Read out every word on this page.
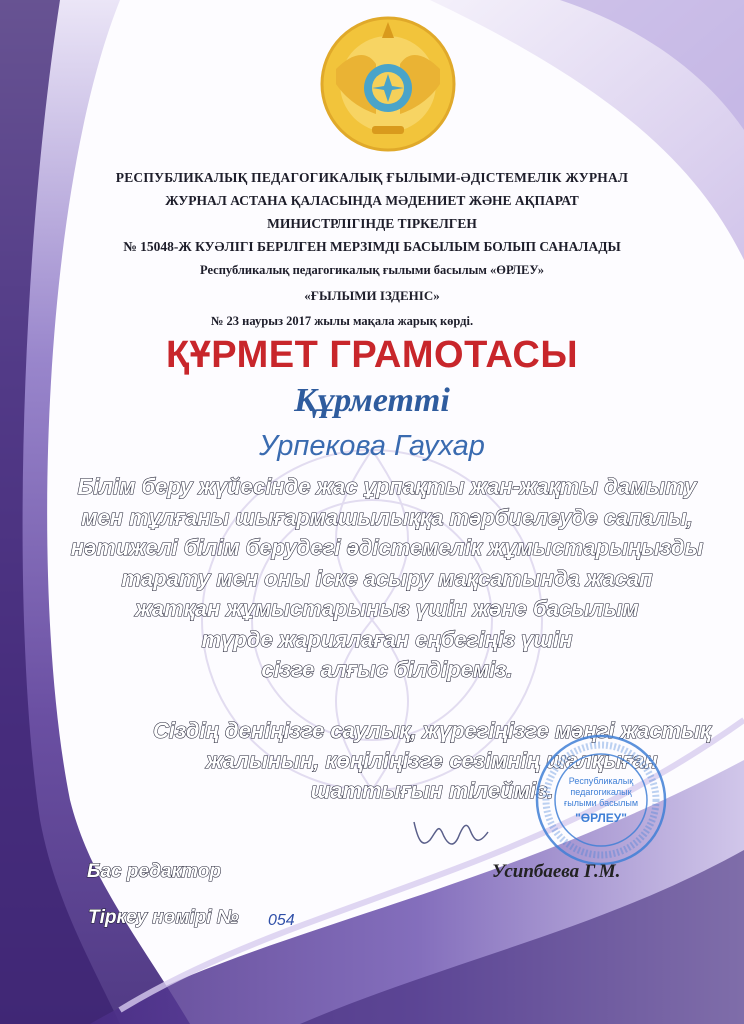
РЕСПУБЛИКАЛЫҚ ПЕДАГОГИКАЛЫҚ ҒЫЛЫМИ-ӘДІСТЕМЕЛІК ЖУРНАЛ
ЖУРНАЛ АСТАНА ҚАЛАСЫНДА МӘДЕНИЕТ ЖӘНЕ АҚПАРАТ
МИНИСТРЛІГІНДЕ ТІРКЕЛГЕН
№ 15048-Ж КУӘЛІГІ БЕРІЛГЕН МЕРЗІМДІ БАСЫЛЫМ БОЛЫП САНАЛАДЫ
Республикалық педагогикалық ғылыми басылым «ӨРЛЕУ»
«ҒЫЛЫМИ ІЗДЕНІС»
№ 23 наурыз 2017 жылы мақала жарық көрді.
ҚҰРМЕТ ГРАМОТАСЫ
Құрметті
Урпекова Гаухар
Білім беру жүйесінде жас ұрпақты жан-жақты дамыту
мен тұлғаны шығармашылыққа тәрбиелеуде сапалы,
нәтижелі білім берудегі әдістемелік жұмыстарыңызды
тарату мен оны іске асыру мақсатында жасап
жатқан жұмыстарыныз үшін және басылым
түрде жариялаған еңбегіңіз үшін
сізге алғыс білдіреміз.
Сіздің деніңізге саулық, жүрегіңізге мәңгі жастық
жалынын, көңіліңізге сезімнің шалқыған
шаттығын тілейміз.	Республикалық
педагогикалық
ғылыми басылым
"ӨРЛЕУ"
Бас редактор	Усипбаева Г.М.
Тіркеу нөмірі № 054
